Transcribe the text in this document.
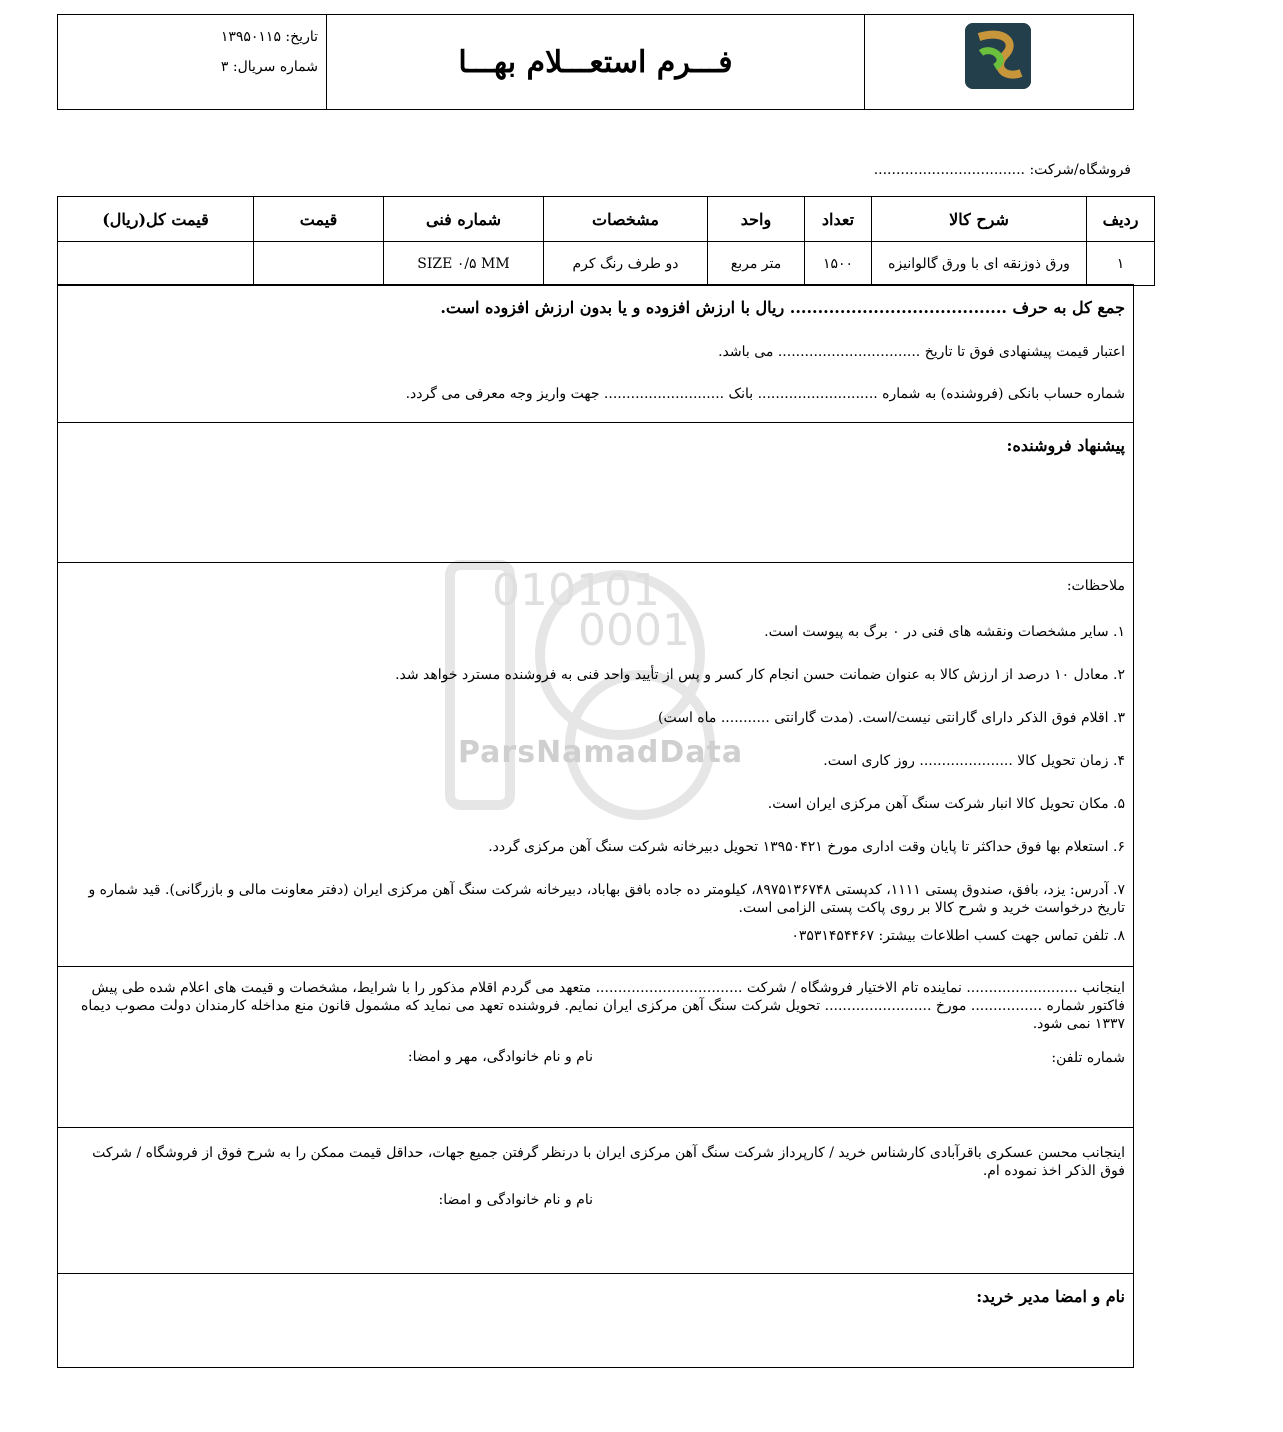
010101
0001
ParsNamadData
فـــرم استعـــلام بهـــا
تاریخ: ۱۳۹۵۰۱۱۵
شماره سریال: ۳
فروشگاه/شرکت: ..................................
ردیف	شرح کالا	تعداد	واحد	مشخصات	شماره فنی	قیمت	قیمت کل(ریال)
۱	ورق ذوزنقه ای با ورق گالوانیزه	۱۵۰۰	متر مربع	دو طرف رنگ کرم	SIZE ۰/۵ MM		
جمع کل به حرف ....................................... ریال با ارزش افزوده و یا بدون ارزش افزوده است.
اعتبار قیمت پیشنهادی فوق تا تاریخ ................................ می باشد.
شماره حساب بانکی (فروشنده) به شماره ........................... بانک ........................... جهت واریز وجه معرفی می گردد.
پیشنهاد فروشنده:
ملاحظات:
۱. سایر مشخصات ونقشه های فنی در ۰ برگ به پیوست است.
۲. معادل ۱۰ درصد از ارزش کالا به عنوان ضمانت حسن انجام کار کسر و پس از تأیید واحد فنی به فروشنده مسترد خواهد شد.
۳. اقلام فوق الذکر دارای گارانتی نیست/است. (مدت گارانتی ........... ماه است)
۴. زمان تحویل کالا ..................... روز کاری است.
۵. مکان تحویل کالا انبار شرکت سنگ آهن مرکزی ایران است.
۶. استعلام بها فوق حداکثر تا پایان وقت اداری مورخ ۱۳۹۵۰۴۲۱ تحویل دبیرخانه شرکت سنگ آهن مرکزی گردد.
۷. آدرس: یزد، بافق، صندوق پستی ۱۱۱۱، کدپستی ۸۹۷۵۱۳۶۷۴۸، کیلومتر ده جاده بافق بهاباد، دبیرخانه شرکت سنگ آهن مرکزی ایران (دفتر معاونت مالی و بازرگانی). قید شماره و تاریخ درخواست خرید و شرح کالا بر روی پاکت پستی الزامی است.
۸. تلفن تماس جهت کسب اطلاعات بیشتر: ۰۳۵۳۱۴۵۴۴۶۷
اینجانب ......................... نماینده تام الاختیار فروشگاه / شرکت ................................. متعهد می گردم اقلام مذکور را با شرایط، مشخصات و قیمت های اعلام شده طی پیش فاکتور شماره ................ مورخ ........................ تحویل شرکت سنگ آهن مرکزی ایران نمایم. فروشنده تعهد می نماید که مشمول قانون منع مداخله کارمندان دولت مصوب دیماه ۱۳۳۷ نمی شود.
شماره تلفن:
نام و نام خانوادگی، مهر و امضا:
اینجانب محسن عسکری باقرآبادی کارشناس خرید / کارپرداز شرکت سنگ آهن مرکزی ایران با درنظر گرفتن جمیع جهات، حداقل قیمت ممکن را به شرح فوق از فروشگاه / شرکت فوق الذکر اخذ نموده ام.
نام و نام خانوادگی و امضا:
نام و امضا مدیر خرید:
